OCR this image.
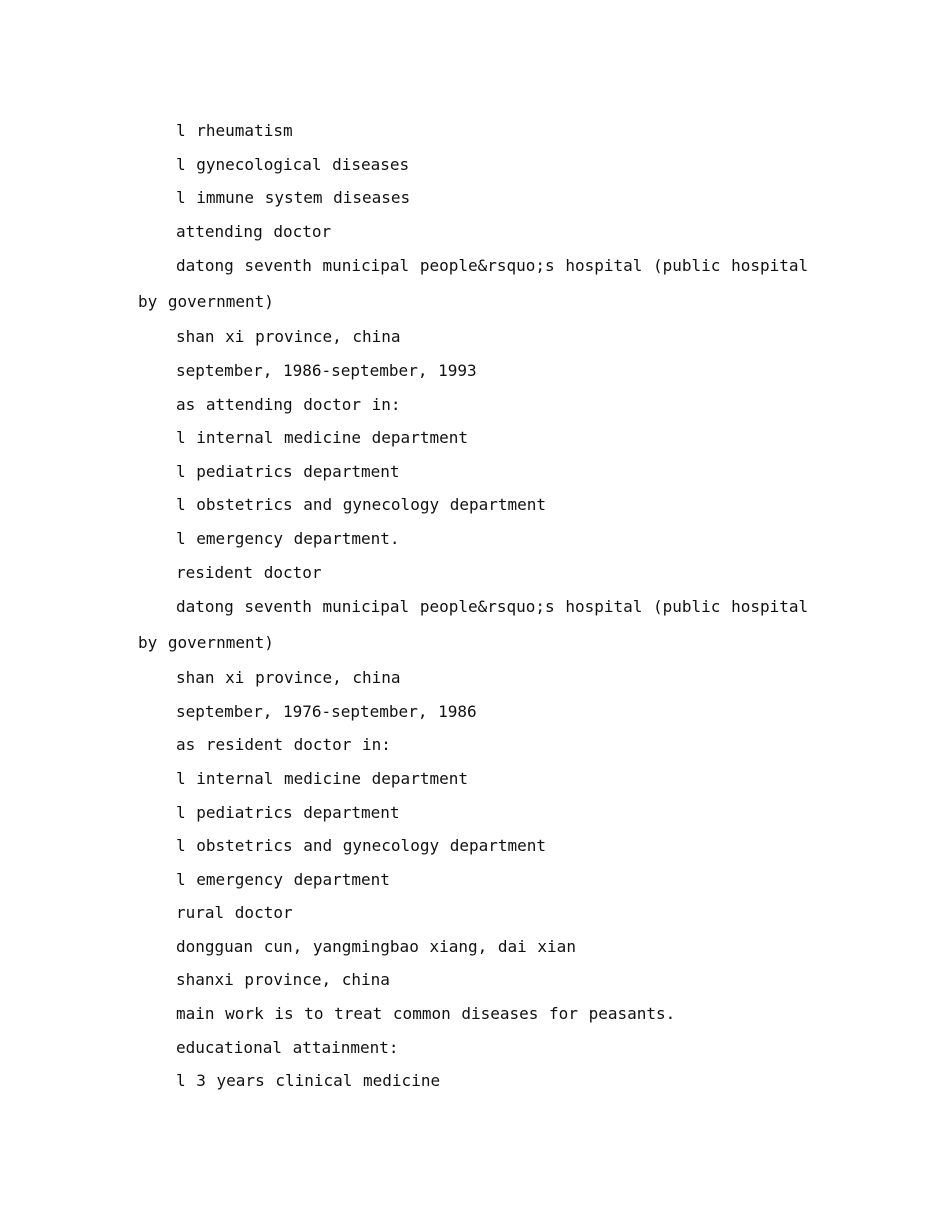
l rheumatism

l gynecological diseases

l immune system diseases

attending doctor

datong seventh municipal people&rsquo;s hospital (public hospital by government)

shan xi province, china

september, 1986-september, 1993

as attending doctor in:

l internal medicine department

l pediatrics department

l obstetrics and gynecology department

l emergency department.

resident doctor

datong seventh municipal people&rsquo;s hospital (public hospital by government)

shan xi province, china

september, 1976-september, 1986

as resident doctor in:

l internal medicine department

l pediatrics department

l obstetrics and gynecology department

l emergency department

rural doctor

dongguan cun, yangmingbao xiang, dai xian

shanxi province, china

main work is to treat common diseases for peasants.

educational attainment:

l 3 years clinical medicine
